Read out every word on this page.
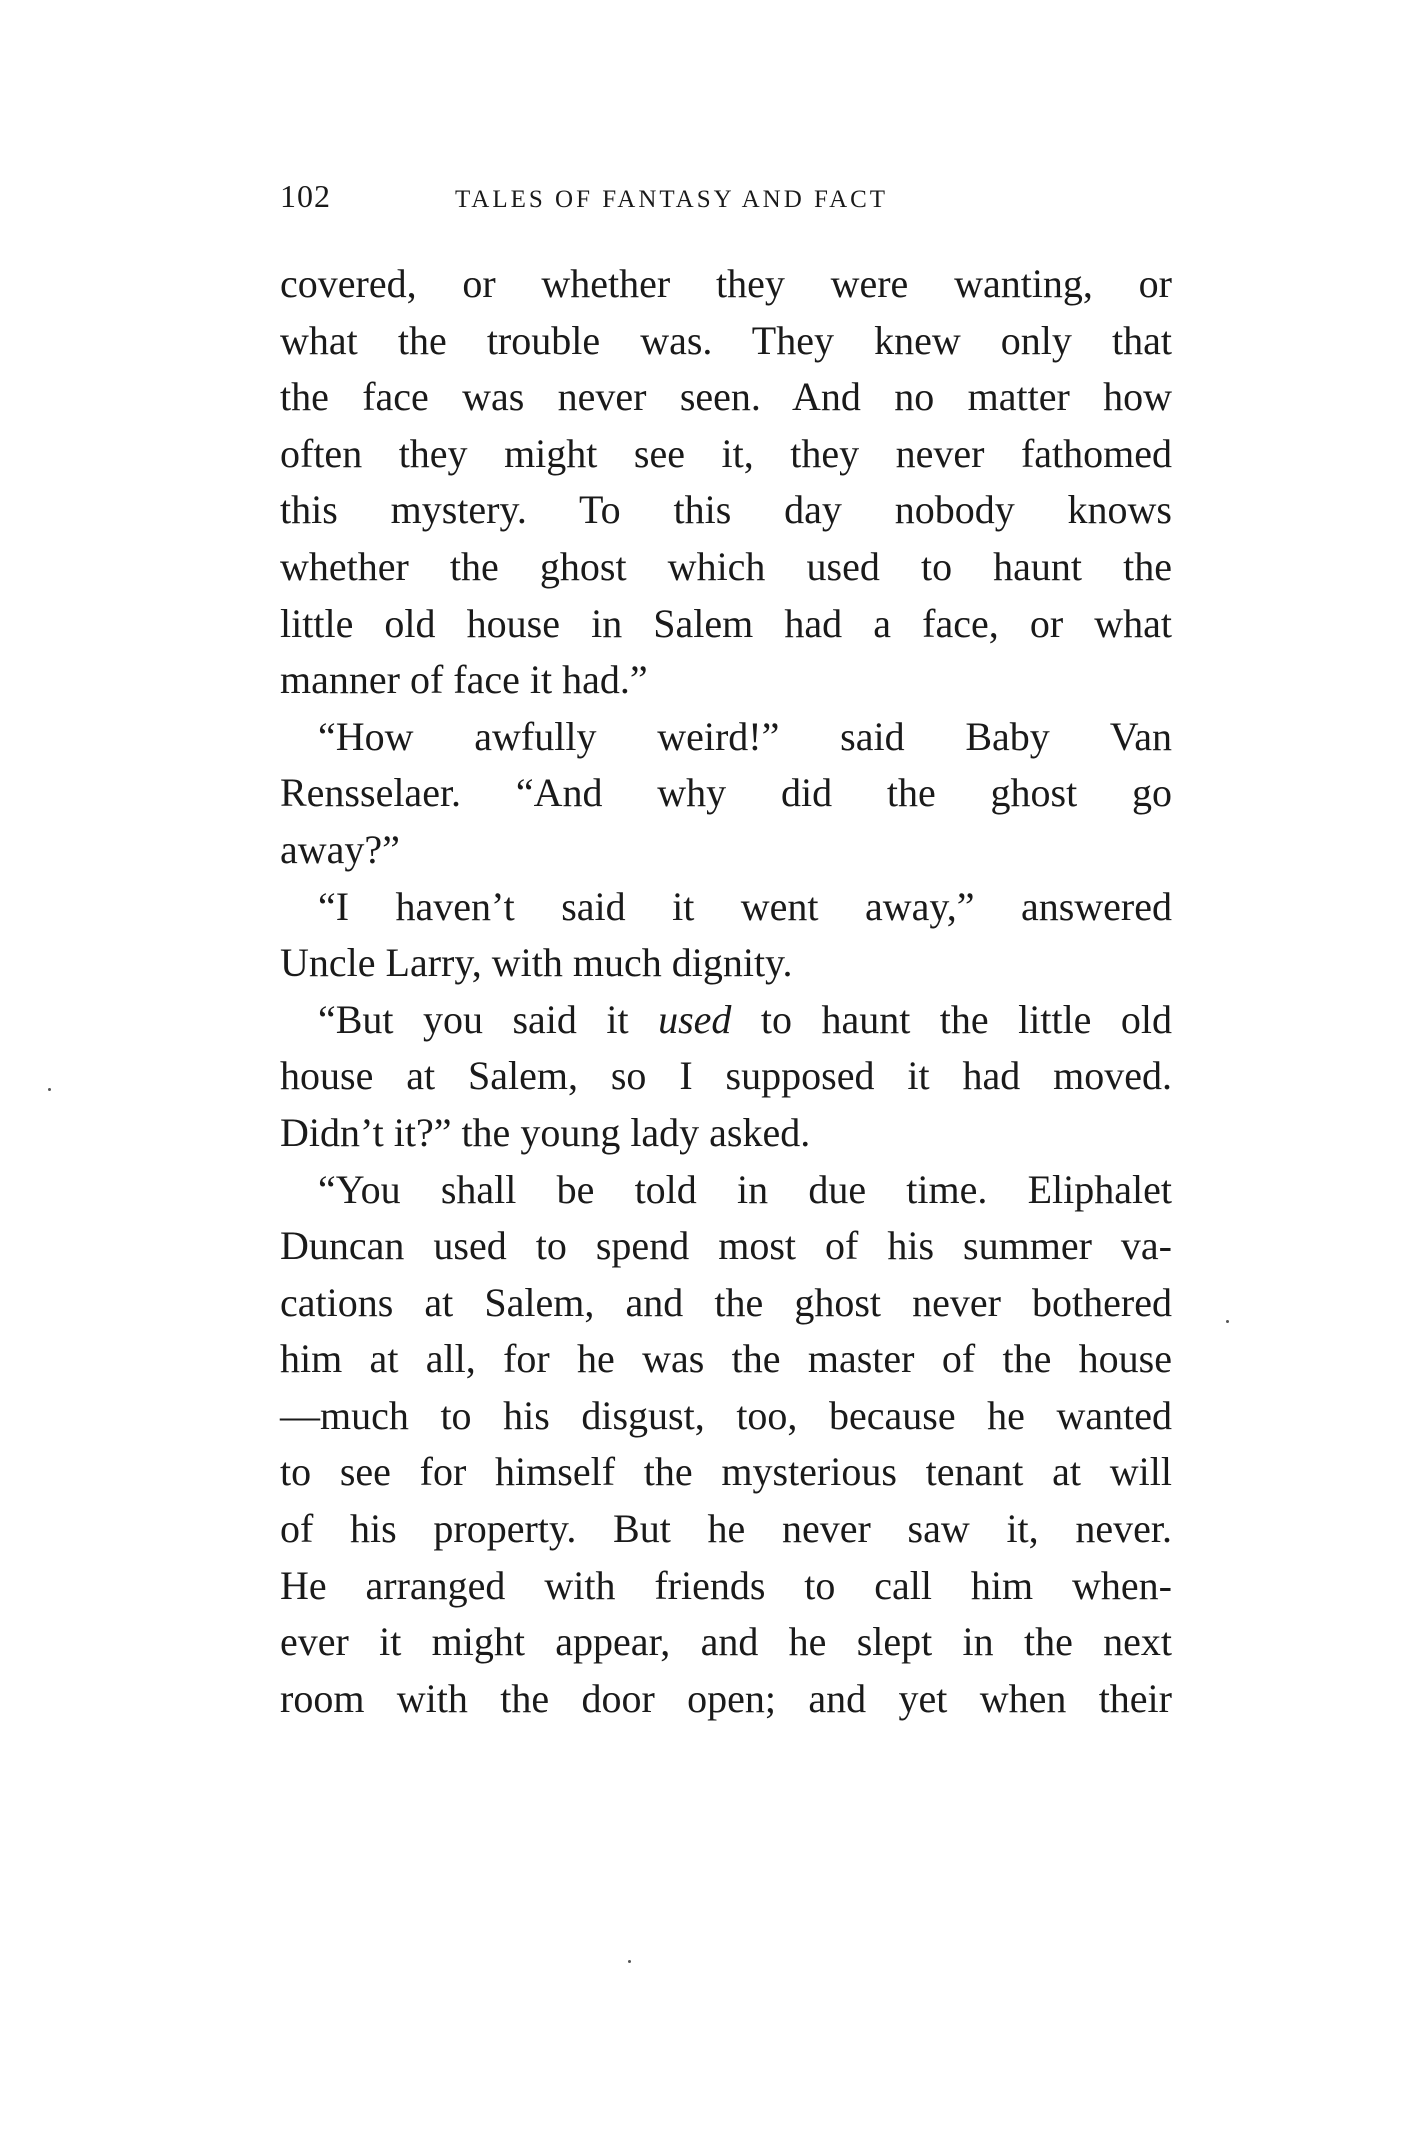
102	TALES OF FANTASY AND FACT
covered, or whether they were wanting, or
what the trouble was. They knew only that
the face was never seen. And no matter how
often they might see it, they never fathomed
this mystery. To this day nobody knows
whether the ghost which used to haunt the
little old house in Salem had a face, or what
manner of face it had.”
“How awfully weird!” said Baby Van
Rensselaer. “And why did the ghost go
away?”
“I haven’t said it went away,” answered
Uncle Larry, with much dignity.
“But you said it used to haunt the little old
house at Salem, so I supposed it had moved.
Didn’t it?” the young lady asked.
“You shall be told in due time. Eliphalet
Duncan used to spend most of his summer va-
cations at Salem, and the ghost never bothered
him at all, for he was the master of the house
—much to his disgust, too, because he wanted
to see for himself the mysterious tenant at will
of his property. But he never saw it, never.
He arranged with friends to call him when-
ever it might appear, and he slept in the next
room with the door open; and yet when their
